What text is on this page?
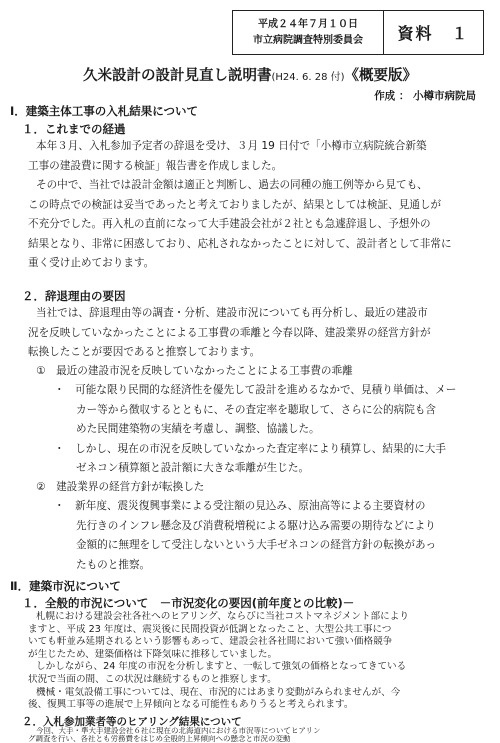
平成２４年７月１０日
市立病院調査特別委員会	資料　１
久米設計の設計見直し説明書(H24. 6. 28 付)《概要版》
作成 ： 小樽市病院局
Ⅰ．建築主体工事の入札結果について
１．これまでの経過
本年３月、入札参加予定者の辞退を受け、３月 19 日付で「小樽市立病院統合新築
工事の建設費に関する検証」報告書を作成しました。
その中で、当社では設計金額は適正と判断し、過去の同種の施工例等から見ても、
この時点での検証は妥当であったと考えておりましたが、結果としては検証、見通しが
不充分でした。再入札の直前になって大手建設会社が２社とも急遽辞退し、予想外の
結果となり、非常に困惑しており、応札されなかったことに対して、設計者として非常に
重く受け止めております。
２．辞退理由の要因
当社では、辞退理由等の調査・分析、建設市況についても再分析し、最近の建設市
況を反映していなかったことによる工事費の乖離と今春以降、建設業界の経営方針が
転換したことが要因であると推察しております。
①　最近の建設市況を反映していなかったことによる工事費の乖離
・　可能な限り民間的な経済性を優先して設計を進めるなかで、見積り単価は、メー
カー等から徴収するとともに、その査定率を聴取して、さらに公的病院も含
めた民間建築物の実績を考慮し、調整、協議した。
・　しかし、現在の市況を反映していなかった査定率により積算し、結果的に大手
ゼネコン積算額と設計額に大きな乖離が生じた。
②　建設業界の経営方針が転換した
・　新年度、震災復興事業による受注額の見込み、原油高等による主要資材の
先行きのインフレ懸念及び消費税増税による駆け込み需要の期待などにより
金額的に無理をして受注しないという大手ゼネコンの経営方針の転換があっ
たものと推察。
Ⅱ．建築市況について
１．全般的市況について　－市況変化の要因(前年度との比較)－
札幌における建設会社各社へのヒアリング、ならびに当社コストマネジメント部により
ますと、平成 23 年度は、震災後に民間投資が低調となったこと、大型公共工事につ
いても軒並み延期されるという影響もあって、建設会社各社間において強い価格競争
が生じたため、建築価格は下降気味に推移していました。
しかしながら、24 年度の市況を分析しますと、一転して強気の価格となってきている
状況で当面の間、この状況は継続するものと推察します。
機械・電気設備工事については、現在、市況的にはあまり変動がみられませんが、今
後、復興工事等の進展で上昇傾向となる可能性もありうると考えられます。
２．入札参加業者等のヒアリング結果について
今回、大手・準大手建設会社６社に現在の北海道内における市況等についてヒアリン
グ調査を行い、各社とも労務費をはじめ全般的上昇傾向への懸念と市況の変動
